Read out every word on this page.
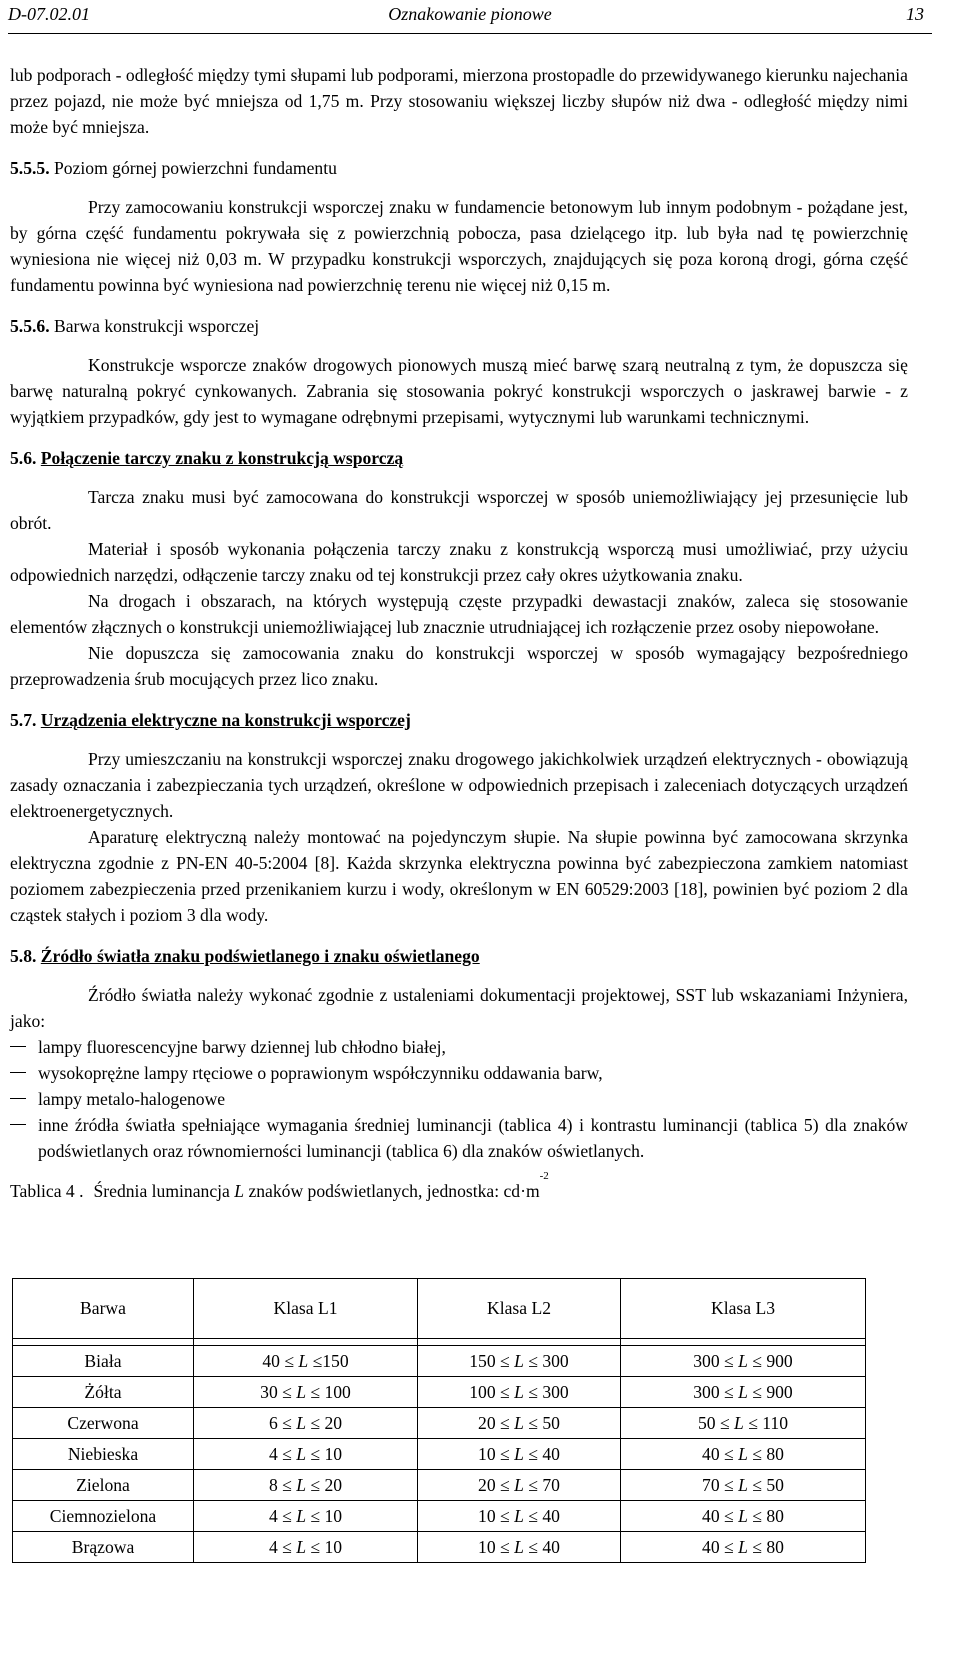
D-07.02.01	Oznakowanie pionowe	13

lub podporach - odległość między tymi słupami lub podporami, mierzona prostopadle do przewidywanego kierunku najechania przez pojazd, nie może być mniejsza od 1,75 m. Przy stosowaniu większej liczby słupów niż dwa - odległość między nimi może być mniejsza.

5.5.5. Poziom górnej powierzchni fundamentu

Przy zamocowaniu konstrukcji wsporczej znaku w fundamencie betonowym lub innym podobnym - pożądane jest, by górna część fundamentu pokrywała się z powierzchnią pobocza, pasa dzielącego itp. lub była nad tę powierzchnię wyniesiona nie więcej niż 0,03 m. W przypadku konstrukcji wsporczych, znajdujących się poza koroną drogi, górna część fundamentu powinna być wyniesiona nad powierzchnię terenu nie więcej niż 0,15 m.

5.5.6. Barwa konstrukcji wsporczej

Konstrukcje wsporcze znaków drogowych pionowych muszą mieć barwę szarą neutralną z tym, że dopuszcza się barwę naturalną pokryć cynkowanych. Zabrania się stosowania pokryć konstrukcji wsporczych o jaskrawej barwie - z wyjątkiem przypadków, gdy jest to wymagane odrębnymi przepisami, wytycznymi lub warunkami technicznymi.

5.6. Połączenie tarczy znaku z konstrukcją wsporczą

Tarcza znaku musi być zamocowana do konstrukcji wsporczej w sposób uniemożliwiający jej przesunięcie lub obrót.

Materiał i sposób wykonania połączenia tarczy znaku z konstrukcją wsporczą musi umożliwiać, przy użyciu odpowiednich narzędzi, odłączenie tarczy znaku od tej konstrukcji przez cały okres użytkowania znaku.

Na drogach i obszarach, na których występują częste przypadki dewastacji znaków, zaleca się stosowanie elementów złącznych o konstrukcji uniemożliwiającej lub znacznie utrudniającej ich rozłączenie przez osoby niepowołane.

Nie dopuszcza się zamocowania znaku do konstrukcji wsporczej w sposób wymagający bezpośredniego przeprowadzenia śrub mocujących przez lico znaku.

5.7. Urządzenia elektryczne na konstrukcji wsporczej

Przy umieszczaniu na konstrukcji wsporczej znaku drogowego jakichkolwiek urządzeń elektrycznych - obowiązują zasady oznaczania i zabezpieczania tych urządzeń, określone w odpowiednich przepisach i zaleceniach dotyczących urządzeń elektroenergetycznych.

Aparaturę elektryczną należy montować na pojedynczym słupie. Na słupie powinna być zamocowana skrzynka elektryczna zgodnie z PN-EN 40-5:2004 [8]. Każda skrzynka elektryczna powinna być zabezpieczona zamkiem natomiast poziomem zabezpieczenia przed przenikaniem kurzu i wody, określonym w EN 60529:2003 [18], powinien być poziom 2 dla cząstek stałych i poziom 3 dla wody.

5.8. Źródło światła znaku podświetlanego i znaku oświetlanego

Źródło światła należy wykonać zgodnie z ustaleniami dokumentacji projektowej, SST lub wskazaniami Inżyniera, jako:

lampy fluorescencyjne barwy dziennej lub chłodno białej,
wysokoprężne lampy rtęciowe o poprawionym współczynniku oddawania barw,
lampy metalo-halogenowe
inne źródła światła spełniające wymagania średniej luminancji (tablica 4) i kontrastu luminancji (tablica 5) dla znaków podświetlanych oraz równomierności luminancji (tablica 6) dla znaków oświetlanych.
Tablica 4 . Średnia luminancja L znaków podświetlanych, jednostka: $cd\cdot m^{-2}$
Barwa	Klasa L1	Klasa L2	Klasa L3

Biała	40 ≤ L ≤150	150 ≤ L ≤ 300	300 ≤ L ≤ 900
Żółta	30 ≤ L ≤ 100	100 ≤ L ≤ 300	300 ≤ L ≤ 900
Czerwona	6 ≤ L ≤ 20	20 ≤ L ≤ 50	50 ≤ L ≤ 110
Niebieska	4 ≤ L ≤ 10	10 ≤ L ≤ 40	40 ≤ L ≤ 80
Zielona	8 ≤ L ≤ 20	20 ≤ L ≤ 70	70 ≤ L ≤ 50
Ciemnozielona	4 ≤ L ≤ 10	10 ≤ L ≤ 40	40 ≤ L ≤ 80
Brązowa	4 ≤ L ≤ 10	10 ≤ L ≤ 40	40 ≤ L ≤ 80
